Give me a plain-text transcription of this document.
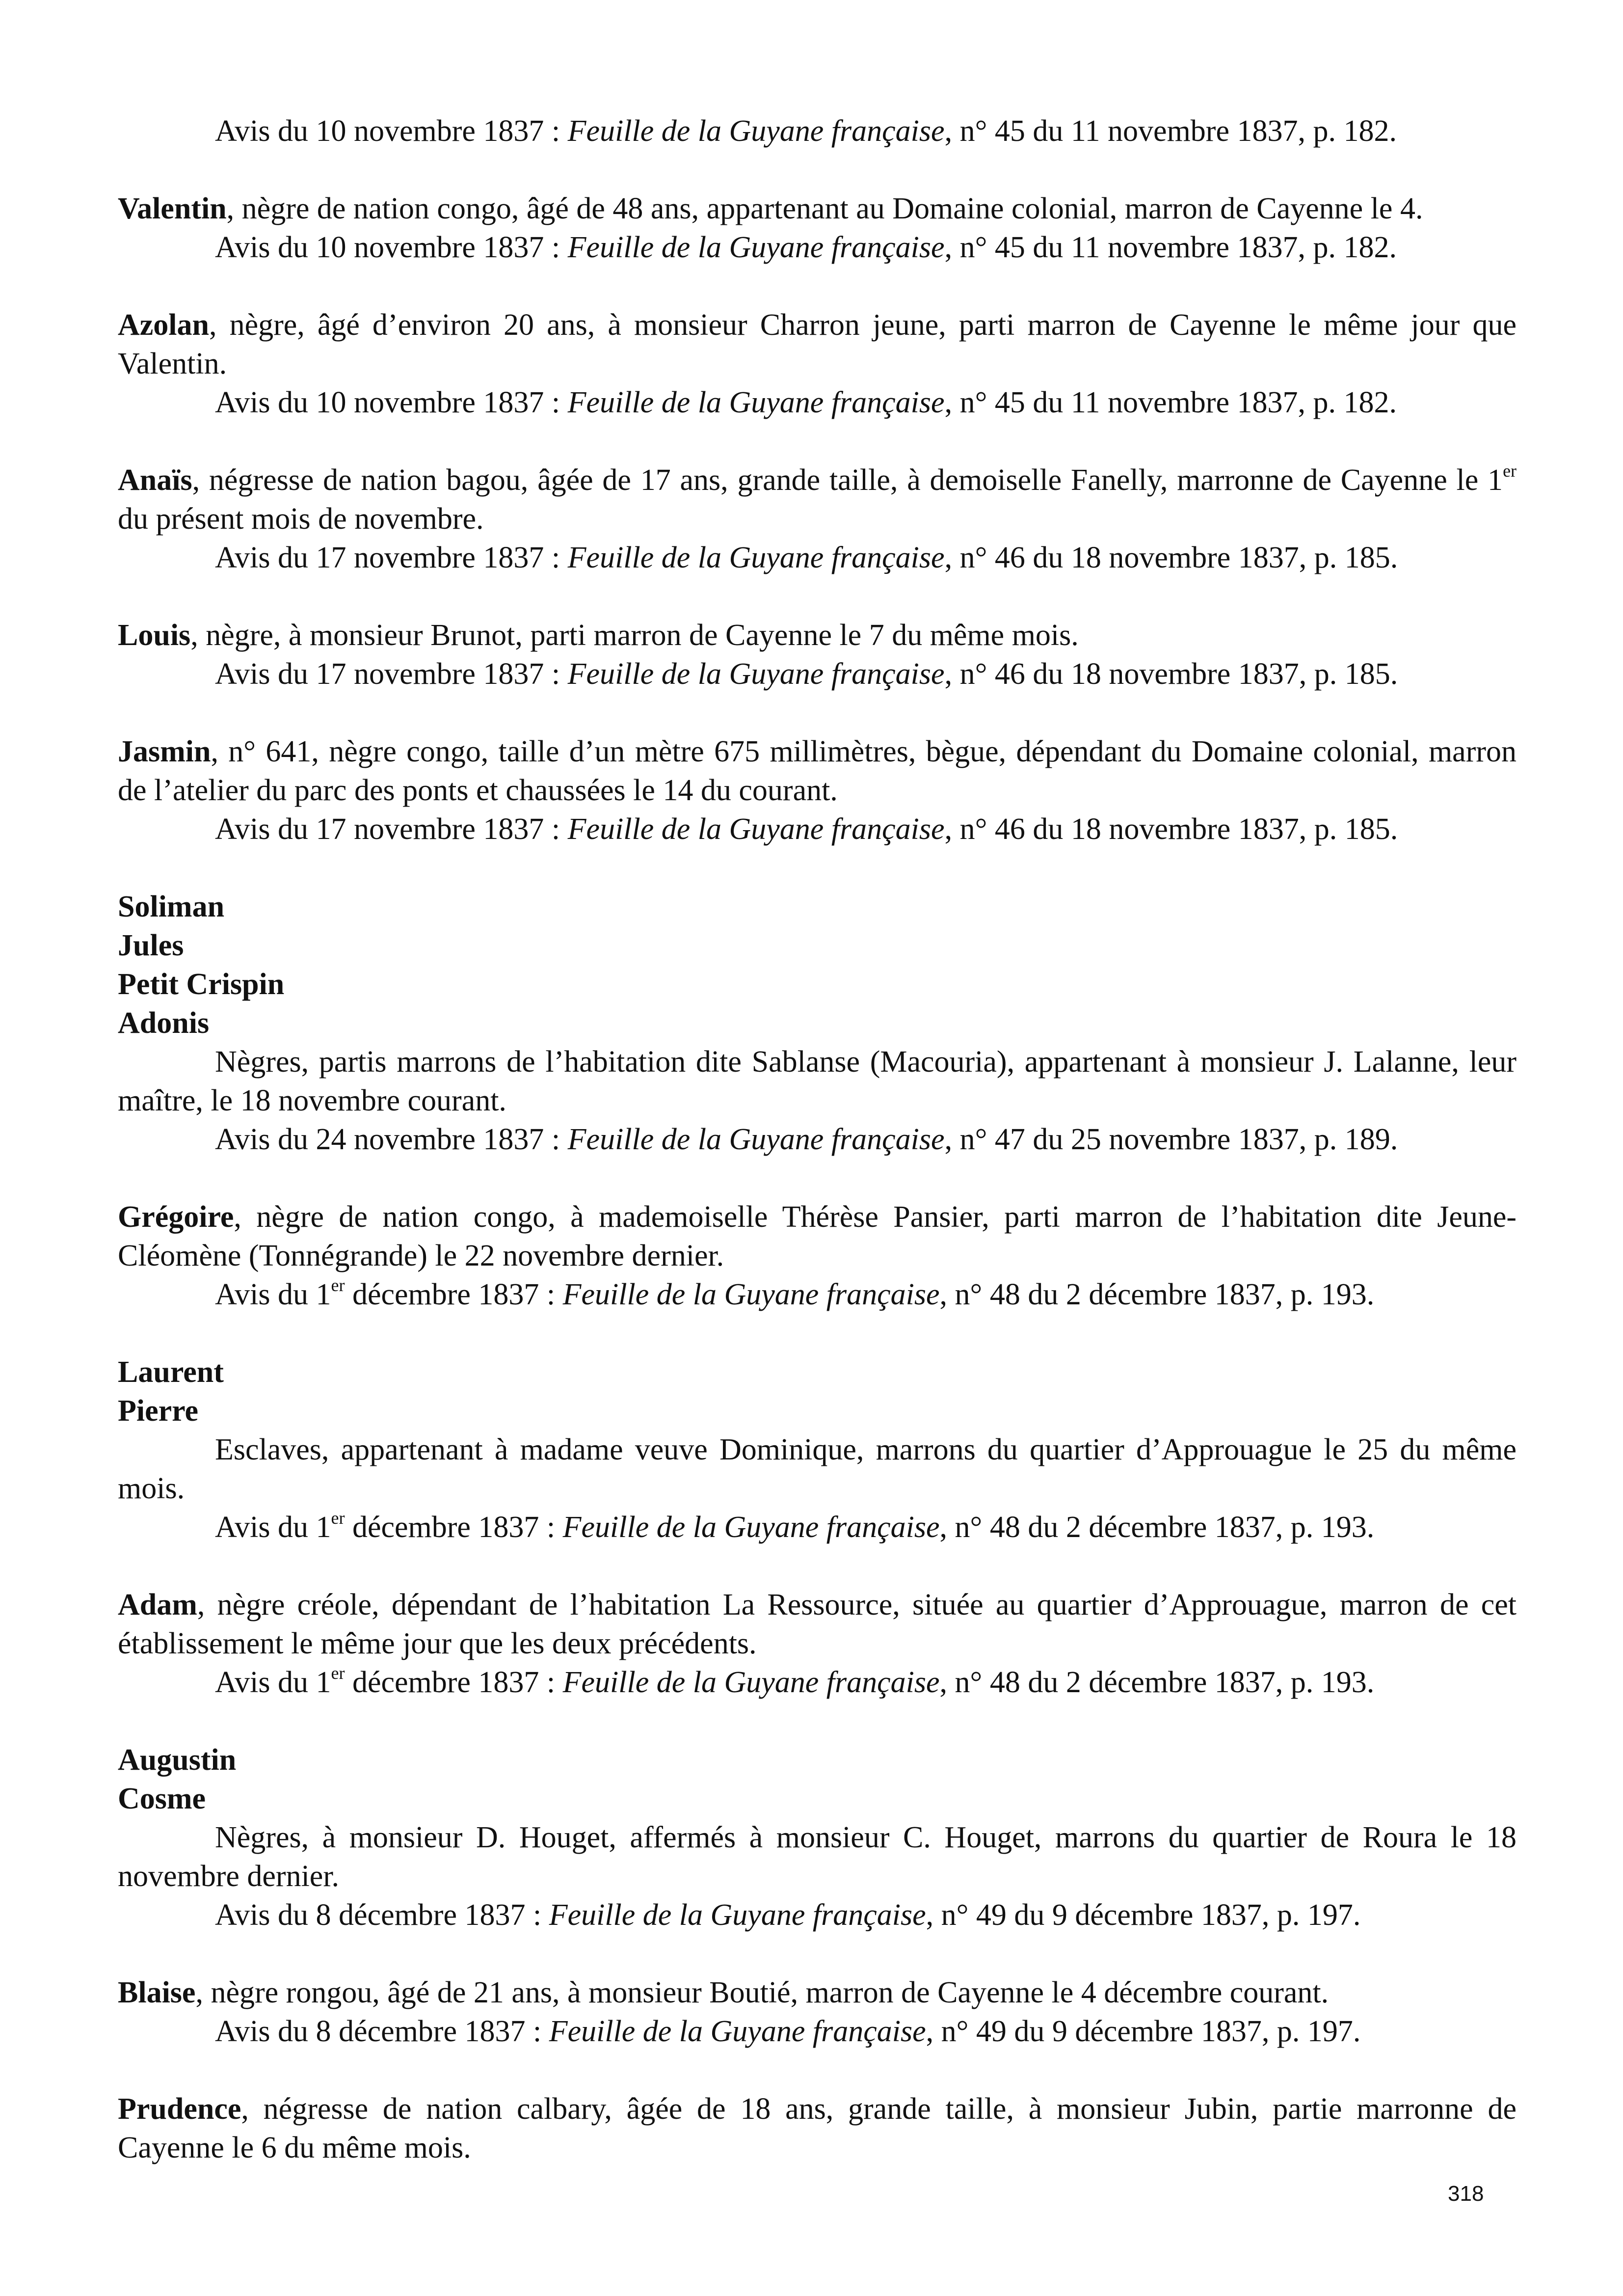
Avis du 10 novembre 1837 : Feuille de la Guyane française, n° 45 du 11 novembre 1837, p. 182.

Valentin, nègre de nation congo, âgé de 48 ans, appartenant au Domaine colonial, marron de Cayenne le 4.

Avis du 10 novembre 1837 : Feuille de la Guyane française, n° 45 du 11 novembre 1837, p. 182.

Azolan, nègre, âgé d’environ 20 ans, à monsieur Charron jeune, parti marron de Cayenne le même jour que Valentin.

Avis du 10 novembre 1837 : Feuille de la Guyane française, n° 45 du 11 novembre 1837, p. 182.

Anaïs, négresse de nation bagou, âgée de 17 ans, grande taille, à demoiselle Fanelly, marronne de Cayenne le 1er du présent mois de novembre.

Avis du 17 novembre 1837 : Feuille de la Guyane française, n° 46 du 18 novembre 1837, p. 185.

Louis, nègre, à monsieur Brunot, parti marron de Cayenne le 7 du même mois.

Avis du 17 novembre 1837 : Feuille de la Guyane française, n° 46 du 18 novembre 1837, p. 185.

Jasmin, n° 641, nègre congo, taille d’un mètre 675 millimètres, bègue, dépendant du Domaine colonial, marron de l’atelier du parc des ponts et chaussées le 14 du courant.

Avis du 17 novembre 1837 : Feuille de la Guyane française, n° 46 du 18 novembre 1837, p. 185.

Soliman

Jules

Petit Crispin

Adonis

Nègres, partis marrons de l’habitation dite Sablanse (Macouria), appartenant à monsieur J. Lalanne, leur maître, le 18 novembre courant.

Avis du 24 novembre 1837 : Feuille de la Guyane française, n° 47 du 25 novembre 1837, p. 189.

Grégoire, nègre de nation congo, à mademoiselle Thérèse Pansier, parti marron de l’habitation dite Jeune-Cléomène (Tonnégrande) le 22 novembre dernier.

Avis du 1er décembre 1837 : Feuille de la Guyane française, n° 48 du 2 décembre 1837, p. 193.

Laurent

Pierre

Esclaves, appartenant à madame veuve Dominique, marrons du quartier d’Approuague le 25 du même mois.

Avis du 1er décembre 1837 : Feuille de la Guyane française, n° 48 du 2 décembre 1837, p. 193.

Adam, nègre créole, dépendant de l’habitation La Ressource, située au quartier d’Approuague, marron de cet établissement le même jour que les deux précédents.

Avis du 1er décembre 1837 : Feuille de la Guyane française, n° 48 du 2 décembre 1837, p. 193.

Augustin

Cosme

Nègres, à monsieur D. Houget, affermés à monsieur C. Houget, marrons du quartier de Roura le 18 novembre dernier.

Avis du 8 décembre 1837 : Feuille de la Guyane française, n° 49 du 9 décembre 1837, p. 197.

Blaise, nègre rongou, âgé de 21 ans, à monsieur Boutié, marron de Cayenne le 4 décembre courant.

Avis du 8 décembre 1837 : Feuille de la Guyane française, n° 49 du 9 décembre 1837, p. 197.

Prudence, négresse de nation calbary, âgée de 18 ans, grande taille, à monsieur Jubin, partie marronne de Cayenne le 6 du même mois.

318
